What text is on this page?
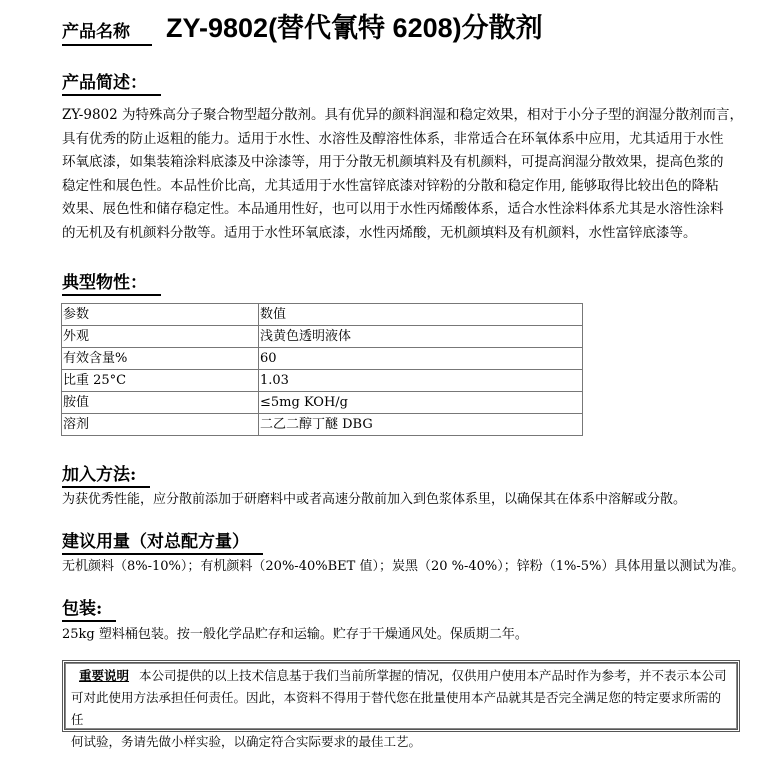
产品名称 ZY-9802(替代氰特 6208)分散剂
产品简述：
ZY-9802 为特殊高分子聚合物型超分散剂。具有优异的颜料润湿和稳定效果，相对于小分子型的润湿分散剂而言，
具有优秀的防止返粗的能力。适用于水性、水溶性及醇溶性体系，非常适合在环氧体系中应用，尤其适用于水性
环氧底漆，如集装箱涂料底漆及中涂漆等，用于分散无机颜填料及有机颜料，可提高润湿分散效果，提高色浆的
稳定性和展色性。本品性价比高，尤其适用于水性富锌底漆对锌粉的分散和稳定作用, 能够取得比较出色的降粘
效果、展色性和储存稳定性。本品通用性好，也可以用于水性丙烯酸体系，适合水性涂料体系尤其是水溶性涂料
的无机及有机颜料分散等。适用于水性环氧底漆，水性丙烯酸，无机颜填料及有机颜料，水性富锌底漆等。
典型物性：
参数	数值
外观	浅黄色透明液体
有效含量%	60
比重 25°C	1.03
胺值	≤5mg KOH/g
溶剂	二乙二醇丁醚 DBG
加入方法:
为获优秀性能，应分散前添加于研磨料中或者高速分散前加入到色浆体系里，以确保其在体系中溶解或分散。
建议用量（对总配方量）
无机颜料（8%-10%）；有机颜料（20%-40%BET 值）；炭黑（20 %-40%）；锌粉（1%-5%）具体用量以测试为准。
包装:
25kg 塑料桶包装。按一般化学品贮存和运输。贮存于干燥通风处。保质期二年。
重要说明 本公司提供的以上技术信息基于我们当前所掌握的情况，仅供用户使用本产品时作为参考，并不表示本公司
可对此使用方法承担任何责任。因此，本资料不得用于替代您在批量使用本产品就其是否完全满足您的特定要求所需的任
何试验，务请先做小样实验，以确定符合实际要求的最佳工艺。
